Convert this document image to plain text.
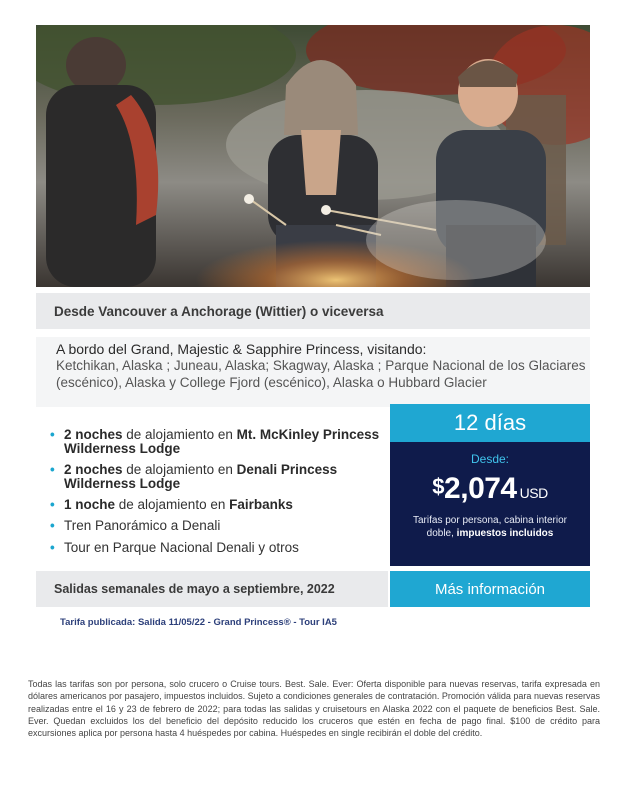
Desde Vancouver a Anchorage (Wittier) o viceversa
A bordo del Grand, Majestic & Sapphire Princess, visitando:
Ketchikan, Alaska ; Juneau, Alaska; Skagway, Alaska ; Parque Nacional de los Glaciares (escénico), Alaska y College Fjord (escénico), Alaska o Hubbard Glacier
• 2 noches de alojamiento en Mt. McKinley Princess Wilderness Lodge
• 2 noches de alojamiento en Denali Princess Wilderness Lodge
• 1 noche de alojamiento en Fairbanks
• Tren Panorámico a Denali
• Tour en Parque Nacional Denali y otros
12 días
Desde:
$2,074 USD
Tarifas por persona, cabina interior doble, impuestos incluidos
Salidas semanales de mayo a septiembre, 2022	Más información
Tarifa publicada: Salida 11/05/22 - Grand Princess® - Tour IA5
Todas las tarifas son por persona, solo crucero o Cruise tours. Best. Sale. Ever: Oferta disponible para nuevas reservas, tarifa expresada en dólares americanos por pasajero, impuestos incluidos. Sujeto a condiciones generales de contratación. Promoción válida para nuevas reservas realizadas entre el 16 y 23 de febrero de 2022; para todas las salidas y cruisetours en Alaska 2022 con el paquete de beneficios Best. Sale. Ever. Quedan excluidos los del beneficio del depósito reducido los cruceros que estén en fecha de pago final. $100 de crédito para excursiones aplica por persona hasta 4 huéspedes por cabina. Huéspedes en single recibirán el doble del crédito.
